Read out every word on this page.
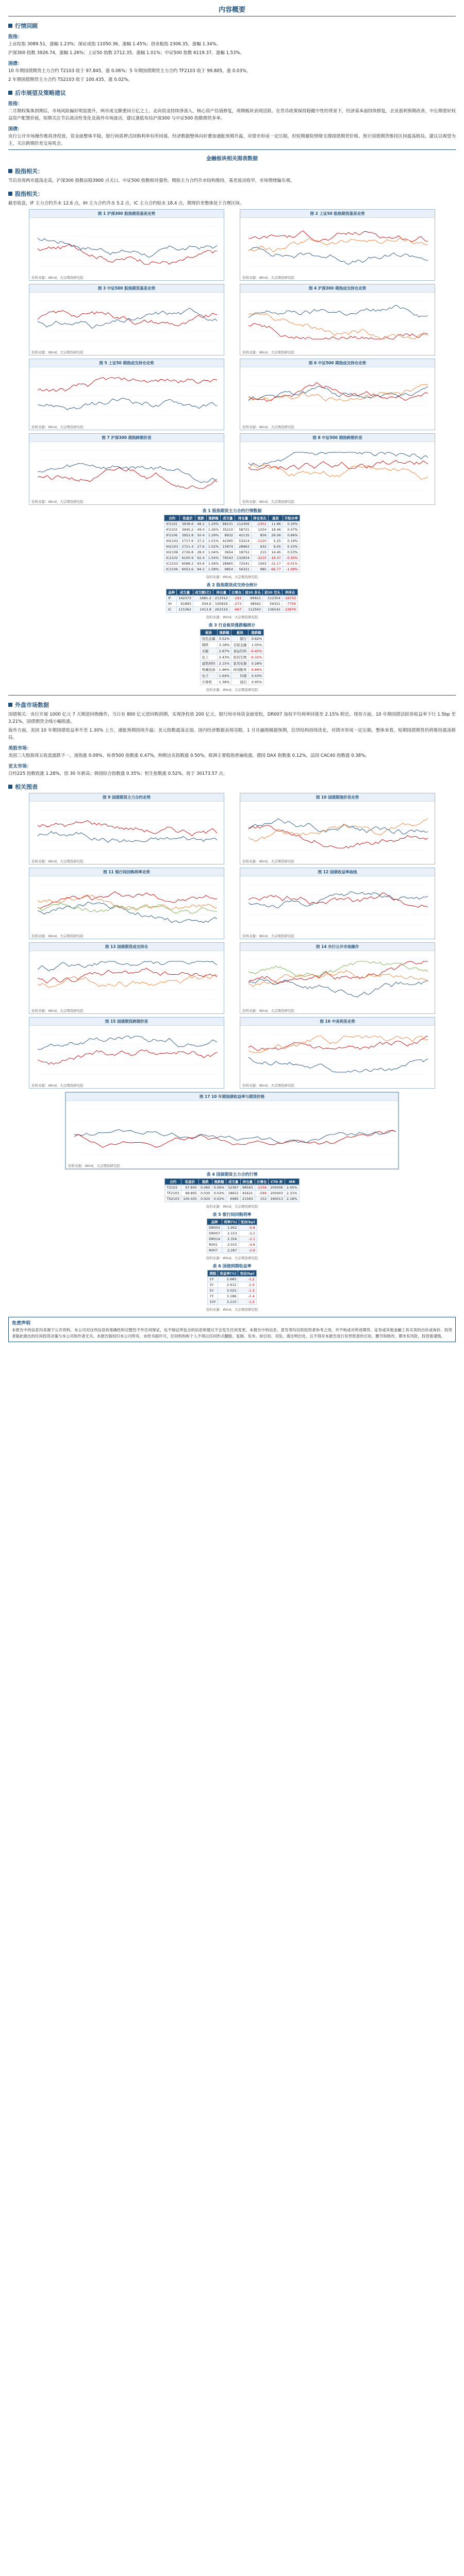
内容概要
行情回顾
股指：
上证综指 3089.51，涨幅 1.23%；深证成指 11050.36，涨幅 1.45%；创业板指 2306.35，涨幅 1.34%。
沪深300 指数 3926.74，涨幅 1.26%；上证50 指数 2712.35，涨幅 1.01%；中证500 指数 6119.37，涨幅 1.53%。
国债：
10 年期国债期货主力合约 T2103 收于 97.845，涨 0.06%；5 年期国债期货主力合约 TF2103 收于 99.805，涨 0.03%。
2 年期国债期货主力合约 TS2103 收于 100.435，涨 0.02%。
后市展望及策略建议
股指：
二月期权集体到期后，市场风险偏好明显提升，两市成交额重回万亿之上。北向资金持续净流入，核心资产估值修复，周期板块表现活跃。在货币政策保持稳健中性的背景下，经济基本面持续修复，企业盈利预期改善，中长期看好权益资产配置价值，短期关注节后流动性变化及海外市场波动，建议逢低布局沪深300 与中证500 指数期货多单。
国债：
央行公开市场操作维持净投放，资金面整体平稳，银行间质押式回购利率有所回落。经济数据整体向好叠加通胀预期升温，对债市形成一定压制，但短期避险情绪支撑国债期货价格。预计国债期货维持区间震荡格局，建议以观望为主，关注跨期价差交易机会。
金融板块相关图表数据
股指相关：
节后首周两市震荡走高，沪深300 指数站稳3900 点关口，中证500 指数相对强势。期指主力合约升水结构维持，基差波动收窄，市场情绪偏乐观。
股指相关：
截至收盘，IF 主力合约升水 12.6 点，IH 主力合约升水 5.2 点，IC 主力合约贴水 18.4 点，期现价差整体处于合理区间。
图 1 沪深300 股指期货基差走势
资料来源：Wind，大宗期货研究院
图 2 上证50 股指期货基差走势
资料来源：Wind，大宗期货研究院
图 3 中证500 股指期货基差走势
资料来源：Wind，大宗期货研究院
图 4 沪深300 期指成交持仓走势
资料来源：Wind，大宗期货研究院
图 5 上证50 期指成交持仓走势
资料来源：Wind，大宗期货研究院
图 6 中证500 期指成交持仓走势
资料来源：Wind，大宗期货研究院
图 7 沪深300 期指跨期价差
资料来源：Wind，大宗期货研究院
图 8 中证500 期指跨期价差
资料来源：Wind，大宗期货研究院
表 1 股指期货主力合约行情数据
合约	收盘价	涨跌	涨跌幅	成交量	持仓量	持仓变化	基差	升贴水率
IF2102	3938.6	48.2	1.24%	98231	112456	-2301	11.86	0.30%
IF2103	3945.2	49.0	1.26%	35210	58721	1254	18.46	0.47%
IF2106	3952.8	50.4	1.29%	8932	42135	856	26.06	0.66%
IH2102	2717.6	27.2	1.01%	42365	53214	-1120	5.25	0.19%
IH2103	2721.4	27.6	1.02%	15874	28963	632	9.05	0.33%
IH2106	2726.8	28.0	1.04%	3654	18752	215	14.45	0.53%
IC2102	6100.9	92.4	1.54%	76543	132654	-3215	-18.47	-0.30%
IC2103	6088.2	93.6	1.56%	28965	72541	1563	-31.17	-0.51%
IC2106	6052.6	94.2	1.58%	9854	56321	985	-66.77	-1.09%
资料来源：Wind，大宗期货研究院
表 2 股指期货成交持仓统计
品种	成交量	成交额(亿)	持仓量	日增仓	前20 多头	前20 空头	净持仓
IF	142373	1681.2	213312	-191	95621	112354	-16733
IH	61893	504.6	100929	-273	48562	56321	-7759
IC	115362	1413.8	261516	-667	112563	136542	-23979
资料来源：Wind，大宗期货研究院
表 3 行业板块涨跌幅统计
板块	涨跌幅	板块	涨跌幅
有色金属	3.52%	银行	0.62%
钢铁	3.18%	非银金融	1.05%
采掘	2.87%	食品饮料	-0.45%
化工	2.43%	医药生物	-0.32%
建筑材料	2.15%	家用电器	0.28%
机械设备	1.96%	休闲服务	-0.86%
电子	1.64%	传媒	0.43%
计算机	1.38%	通信	0.95%
资料来源：Wind，大宗期货研究院
外盘市场数据
国债相关：央行开展 1000 亿元 7 天期逆回购操作，当日有 800 亿元逆回购到期，实现净投放 200 亿元。银行间市场资金面宽松，DR007 加权平均利率回落至 2.15% 附近。现券方面，10 年期国债活跃券收益率下行 1.5bp 至 3.21%，国债期货全线小幅收涨。
海外方面，美国 10 年期国债收益率升至 1.30% 上方，通胀预期持续升温；美元指数震荡走弱。国内经济数据表现亮眼，1 月社融规模超预期，信贷结构持续优化，对债市形成一定压制。整体来看，短期国债期货仍将维持震荡格局。
美股市场：
美国三大股指周五收盘涨跌不一，道指涨 0.09%，标普500 指数涨 0.47%，纳斯达克指数涨 0.50%。欧洲主要股指普遍收涨，德国 DAX 指数涨 0.12%，法国 CAC40 指数涨 0.38%。
亚太市场：
日经225 指数收涨 1.28%，创 30 年新高；韩国综合指数涨 0.35%；恒生指数涨 0.52%，收于 30173.57 点。
相关图表
图 9 国债期货主力合约走势
资料来源：Wind，大宗期货研究院
图 10 国债期现价差走势
资料来源：Wind，大宗期货研究院
图 11 银行间回购利率走势
资料来源：Wind，大宗期货研究院
图 12 国债收益率曲线
资料来源：Wind，大宗期货研究院
图 13 国债期货成交持仓
资料来源：Wind，大宗期货研究院
图 14 央行公开市场操作
资料来源：Wind，大宗期货研究院
图 15 国债期货跨期价差
资料来源：Wind，大宗期货研究院
图 16 中美利差走势
资料来源：Wind，大宗期货研究院
图 17 10 年期国债收益率与期货价格
资料来源：Wind，大宗期货研究院
表 4 国债期货主力合约行情
合约	收盘价	涨跌	涨跌幅	成交量	持仓量	日增仓	CTD 券	IRR
T2103	97.845	0.060	0.06%	52367	98563	-1256	200006	2.45%
TF2103	99.805	0.030	0.03%	18652	45621	-586	200003	2.31%
TS2103	100.435	0.020	0.02%	6985	21563	152	190013	2.18%
资料来源：Wind，大宗期货研究院
表 5 银行间回购利率
品种	利率(%)	变动(bp)
DR001	1.952	-5.6
DR007	2.153	-3.2
DR014	2.356	-2.1
R001	2.015	-4.8
R007	2.287	-2.6
资料来源：Wind，大宗期货研究院
表 6 国债到期收益率
期限	收益率(%)	变动(bp)
1Y	2.685	-1.2
3Y	2.912	-1.0
5Y	3.025	-1.3
7Y	3.186	-1.4
10Y	3.210	-1.5
资料来源：Wind，大宗期货研究院
免责声明
本报告中的信息均来源于公开资料，本公司对这些信息的准确性和完整性不作任何保证，也不保证所包含的信息和建议不会发生任何变更。本报告中的信息、意见等均仅供投资者参考之用，并不构成对所述期货、证券或其他金融工具买卖的出价或询价。投资者据此做出的任何投资决策与本公司和作者无关。本报告版权归本公司所有，未经书面许可，任何机构和个人不得以任何形式翻版、复制、发布。如引用、刊发，需注明出处，且不得对本报告进行有悖原意的引用、删节和修改。期市有风险，投资需谨慎。
